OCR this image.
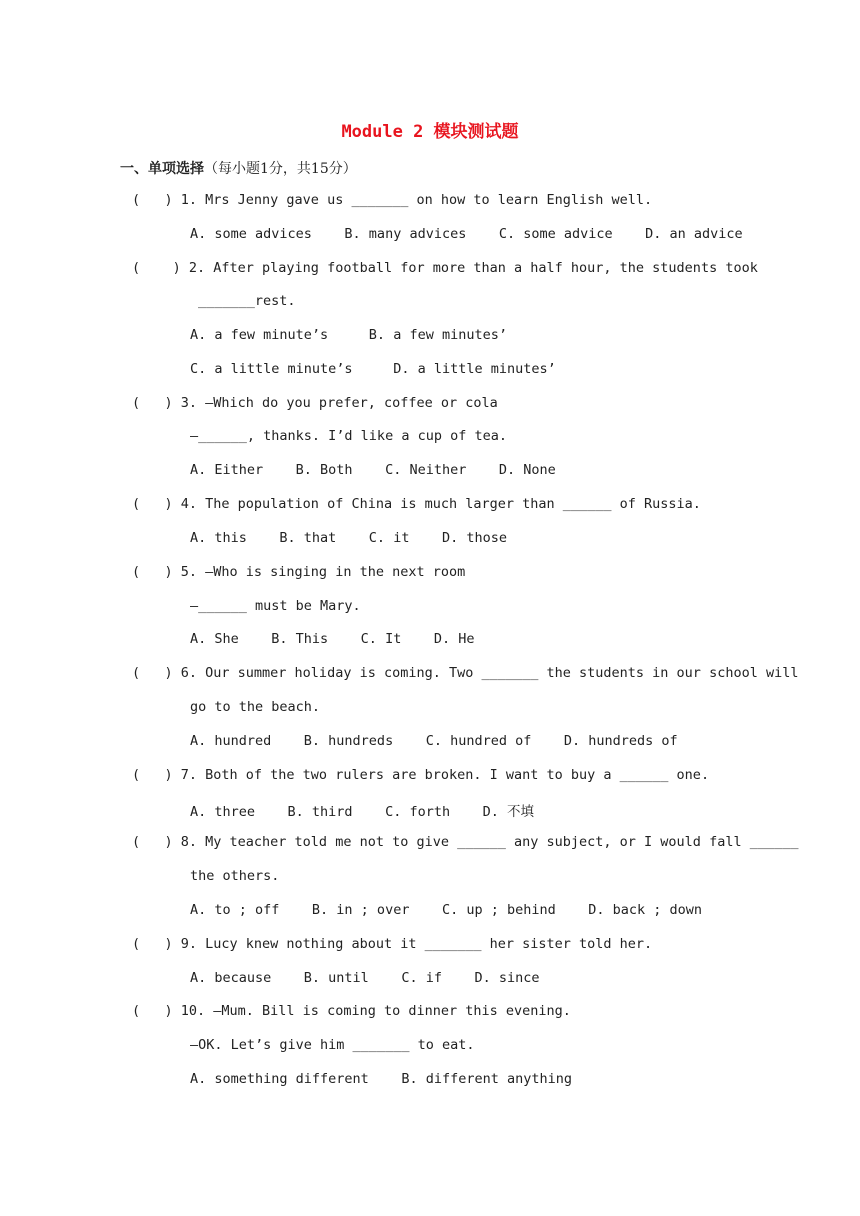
Module 2 模块测试题
一、单项选择（每小题1分，共15分）
(   ) 1. Mrs Jenny gave us _______ on how to learn English well.
A. some advices    B. many advices    C. some advice    D. an advice
(    ) 2. After playing football for more than a half hour, the students took
_______rest.
A. a few minute’s     B. a few minutes’
C. a little minute’s     D. a little minutes’
(   ) 3. —Which do you prefer, coffee or cola
—______, thanks. I’d like a cup of tea.
A. Either    B. Both    C. Neither    D. None
(   ) 4. The population of China is much larger than ______ of Russia.
A. this    B. that    C. it    D. those
(   ) 5. —Who is singing in the next room
—______ must be Mary.
A. She    B. This    C. It    D. He
(   ) 6. Our summer holiday is coming. Two _______ the students in our school will
go to the beach.
A. hundred    B. hundreds    C. hundred of    D. hundreds of
(   ) 7. Both of the two rulers are broken. I want to buy a ______ one.
A. three    B. third    C. forth    D. 不填
(   ) 8. My teacher told me not to give ______ any subject, or I would fall ______
the others.
A. to ; off    B. in ; over    C. up ; behind    D. back ; down
(   ) 9. Lucy knew nothing about it _______ her sister told her.
A. because    B. until    C. if    D. since
(   ) 10. —Mum. Bill is coming to dinner this evening.
—OK. Let’s give him _______ to eat.
A. something different    B. different anything
